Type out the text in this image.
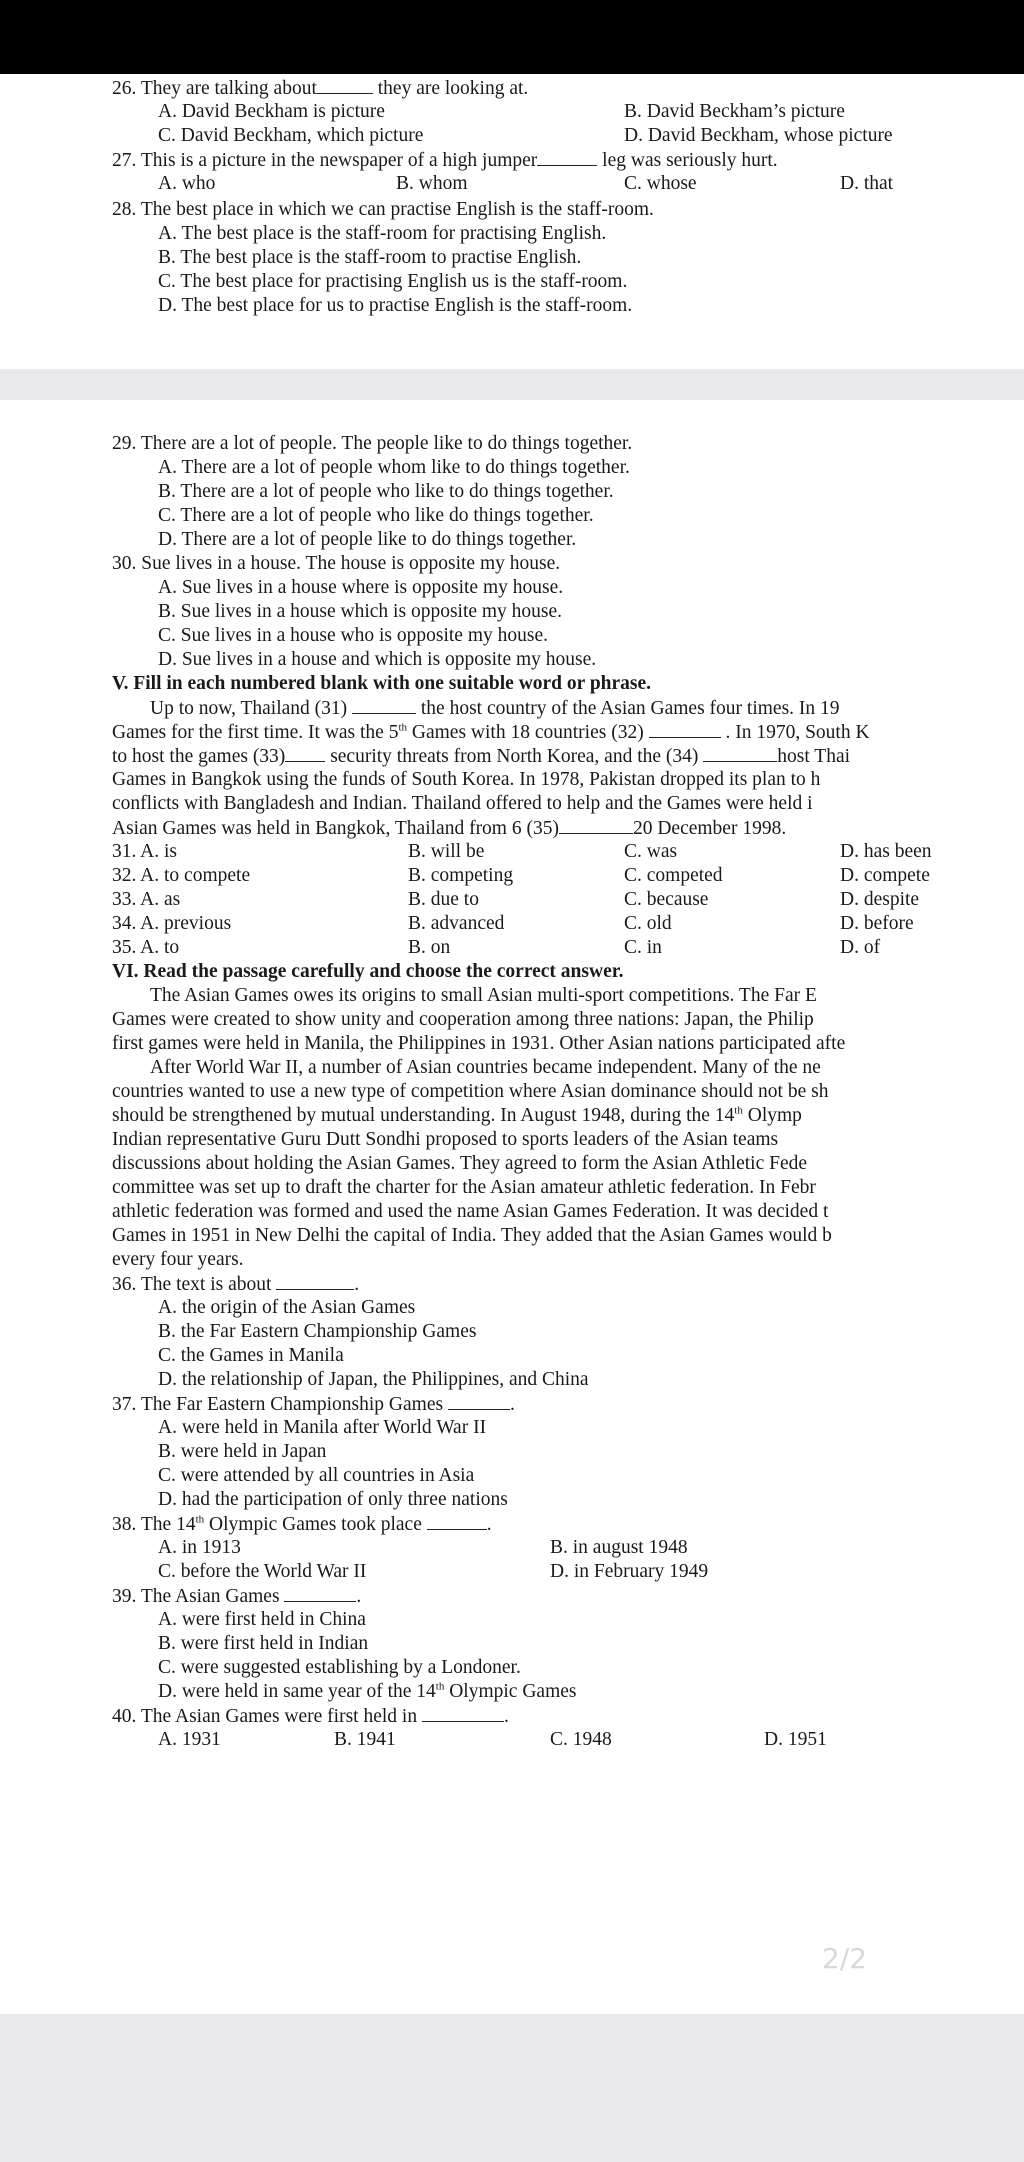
26. They are talking about	they are looking at.
A. David Beckham is picture	B. David Beckham’s picture
C. David Beckham, which picture	D. David Beckham, whose picture
27. This is a picture in the newspaper of a high jumper	leg was seriously hurt.
A. who	B. whom	C. whose	D. that
28. The best place in which we can practise English is the staff-room.
A. The best place is the staff-room for practising English.
B. The best place is the staff-room to practise English.
C. The best place for practising English us is the staff-room.
D. The best place for us to practise English is the staff-room.
29. There are a lot of people. The people like to do things together.
A. There are a lot of people whom like to do things together.
B. There are a lot of people who like to do things together.
C. There are a lot of people who like do things together.
D. There are a lot of people like to do things together.
30. Sue lives in a house. The house is opposite my house.
A. Sue lives in a house where is opposite my house.
B. Sue lives in a house which is opposite my house.
C. Sue lives in a house who is opposite my house.
D. Sue lives in a house and which is opposite my house.
V. Fill in each numbered blank with one suitable word or phrase.
Up to now, Thailand (31)	the host country of the Asian Games four times. In 19
Games for the first time. It was the 5th Games with 18 countries (32)	. In 1970, South K
to host the games (33) security threats from North Korea, and the (34)	host Thai
Games in Bangkok using the funds of South Korea. In 1978, Pakistan dropped its plan to h
conflicts with Bangladesh and Indian. Thailand offered to help and the Games were held i
Asian Games was held in Bangkok, Thailand from 6 (35)	20 December 1998.
31. A. is	B. will be	C. was	D. has been
32. A. to compete	B. competing	C. competed	D. compete
33. A. as	B. due to	C. because	D. despite
34. A. previous	B. advanced	C. old	D. before
35. A. to	B. on	C. in	D. of
VI. Read the passage carefully and choose the correct answer.
The Asian Games owes its origins to small Asian multi-sport competitions. The Far E
Games were created to show unity and cooperation among three nations: Japan, the Philip
first games were held in Manila, the Philippines in 1931. Other Asian nations participated afte
After World War II, a number of Asian countries became independent. Many of the ne
countries wanted to use a new type of competition where Asian dominance should not be sh
should be strengthened by mutual understanding. In August 1948, during the 14th Olymp
Indian representative Guru Dutt Sondhi proposed to sports leaders of the Asian teams
discussions about holding the Asian Games. They agreed to form the Asian Athletic Fede
committee was set up to draft the charter for the Asian amateur athletic federation. In Febr
athletic federation was formed and used the name Asian Games Federation. It was decided t
Games in 1951 in New Delhi the capital of India. They added that the Asian Games would b
every four years.
36. The text is about	.
A. the origin of the Asian Games
B. the Far Eastern Championship Games
C. the Games in Manila
D. the relationship of Japan, the Philippines, and China
37. The Far Eastern Championship Games	.
A. were held in Manila after World War II
B. were held in Japan
C. were attended by all countries in Asia
D. had the participation of only three nations
38. The 14th Olympic Games took place	.
A. in 1913	B. in august 1948
C. before the World War II	D. in February 1949
39. The Asian Games	.
A. were first held in China
B. were first held in Indian
C. were suggested establishing by a Londoner.
D. were held in same year of the 14th Olympic Games
40. The Asian Games were first held in	.
A. 1931	B. 1941	C. 1948	D. 1951
2/2
